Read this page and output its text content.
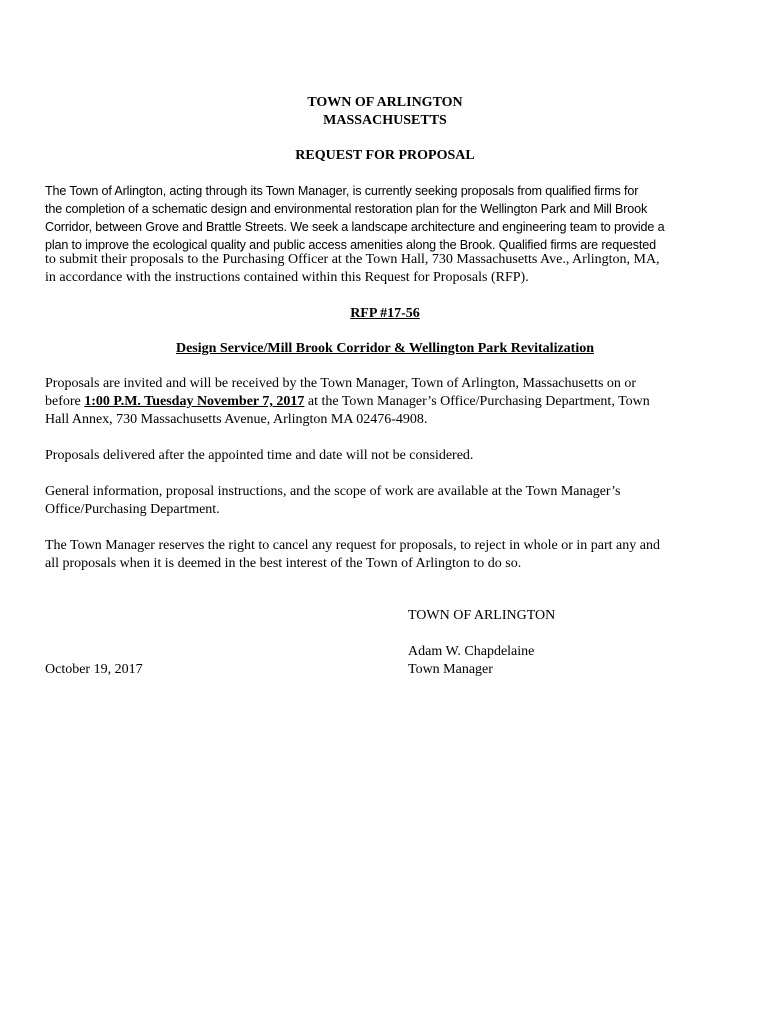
TOWN OF ARLINGTON
MASSACHUSETTS
REQUEST FOR PROPOSAL
The Town of Arlington, acting through its Town Manager, is currently seeking proposals from qualified firms for
the completion of a schematic design and environmental restoration plan for the Wellington Park and Mill Brook
Corridor, between Grove and Brattle Streets. We seek a landscape architecture and engineering team to provide a
plan to improve the ecological quality and public access amenities along the Brook. Qualified firms are requested
to submit their proposals to the Purchasing Officer at the Town Hall, 730 Massachusetts Ave., Arlington, MA,
in accordance with the instructions contained within this Request for Proposals (RFP).
RFP #17-56
Design Service/Mill Brook Corridor & Wellington Park Revitalization
Proposals are invited and will be received by the Town Manager, Town of Arlington, Massachusetts on or
before 1:00 P.M. Tuesday November 7, 2017 at the Town Manager’s Office/Purchasing Department, Town
Hall Annex, 730 Massachusetts Avenue, Arlington MA 02476-4908.
Proposals delivered after the appointed time and date will not be considered.
General information, proposal instructions, and the scope of work are available at the Town Manager’s
Office/Purchasing Department.
The Town Manager reserves the right to cancel any request for proposals, to reject in whole or in part any and
all proposals when it is deemed in the best interest of the Town of Arlington to do so.
TOWN OF ARLINGTON
Adam W. Chapdelaine
Town Manager
October 19, 2017
